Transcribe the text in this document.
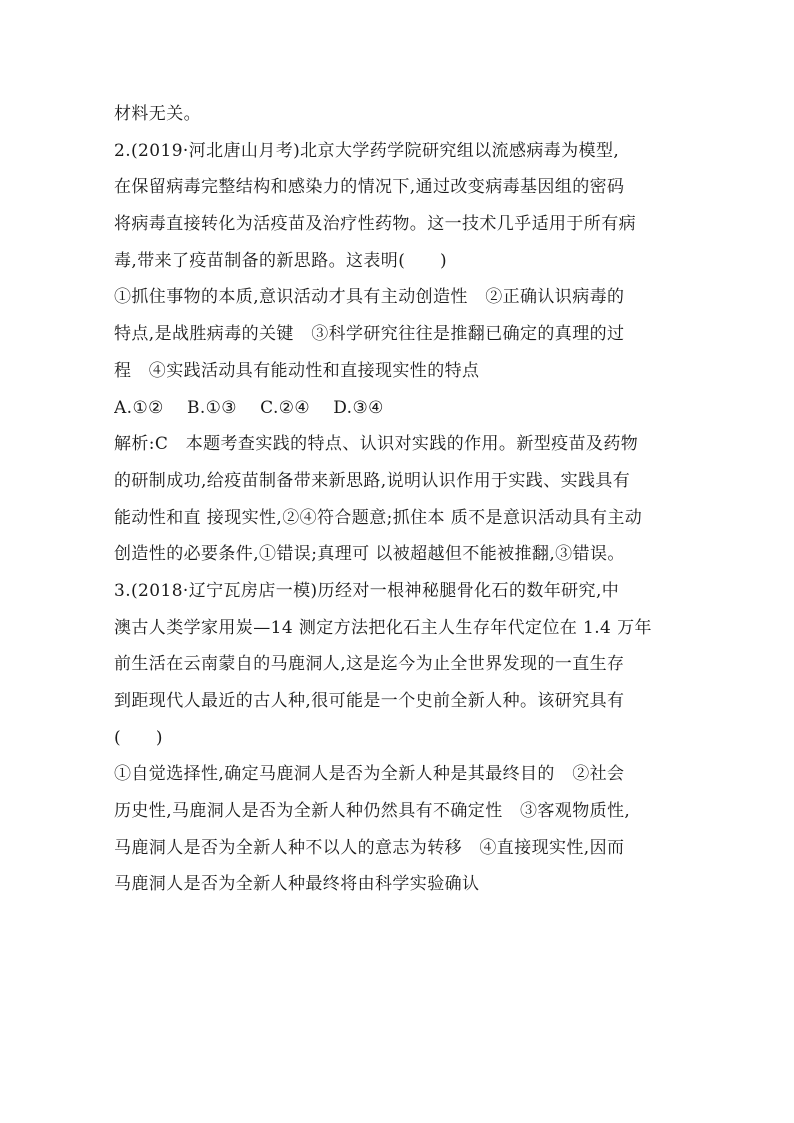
材料无关。
2.(2019·河北唐山月考)北京大学药学院研究组以流感病毒为模型,
在保留病毒完整结构和感染力的情况下,通过改变病毒基因组的密码
将病毒直接转化为活疫苗及治疗性药物。这一技术几乎适用于所有病
毒,带来了疫苗制备的新思路。这表明(　　)
①抓住事物的本质,意识活动才具有主动创造性　②正确认识病毒的
特点,是战胜病毒的关键　③科学研究往往是推翻已确定的真理的过
程　④实践活动具有能动性和直接现实性的特点
A.①②　 B.①③　 C.②④　 D.③④
解析:C　本题考查实践的特点、认识对实践的作用。新型疫苗及药物
的研制成功,给疫苗制备带来新思路,说明认识作用于实践、实践具有
能动性和直 接现实性,②④符合题意;抓住本 质不是意识活动具有主动
创造性的必要条件,①错误;真理可 以被超越但不能被推翻,③错误。
3.(2018·辽宁瓦房店一模)历经对一根神秘腿骨化石的数年研究,中
澳古人类学家用炭—14 测定方法把化石主人生存年代定位在 1.4 万年
前生活在云南蒙自的马鹿洞人,这是迄今为止全世界发现的一直生存
到距现代人最近的古人种,很可能是一个史前全新人种。该研究具有
(　　)
①自觉选择性,确定马鹿洞人是否为全新人种是其最终目的　②社会
历史性,马鹿洞人是否为全新人种仍然具有不确定性　③客观物质性,
马鹿洞人是否为全新人种不以人的意志为转移　④直接现实性,因而
马鹿洞人是否为全新人种最终将由科学实验确认
